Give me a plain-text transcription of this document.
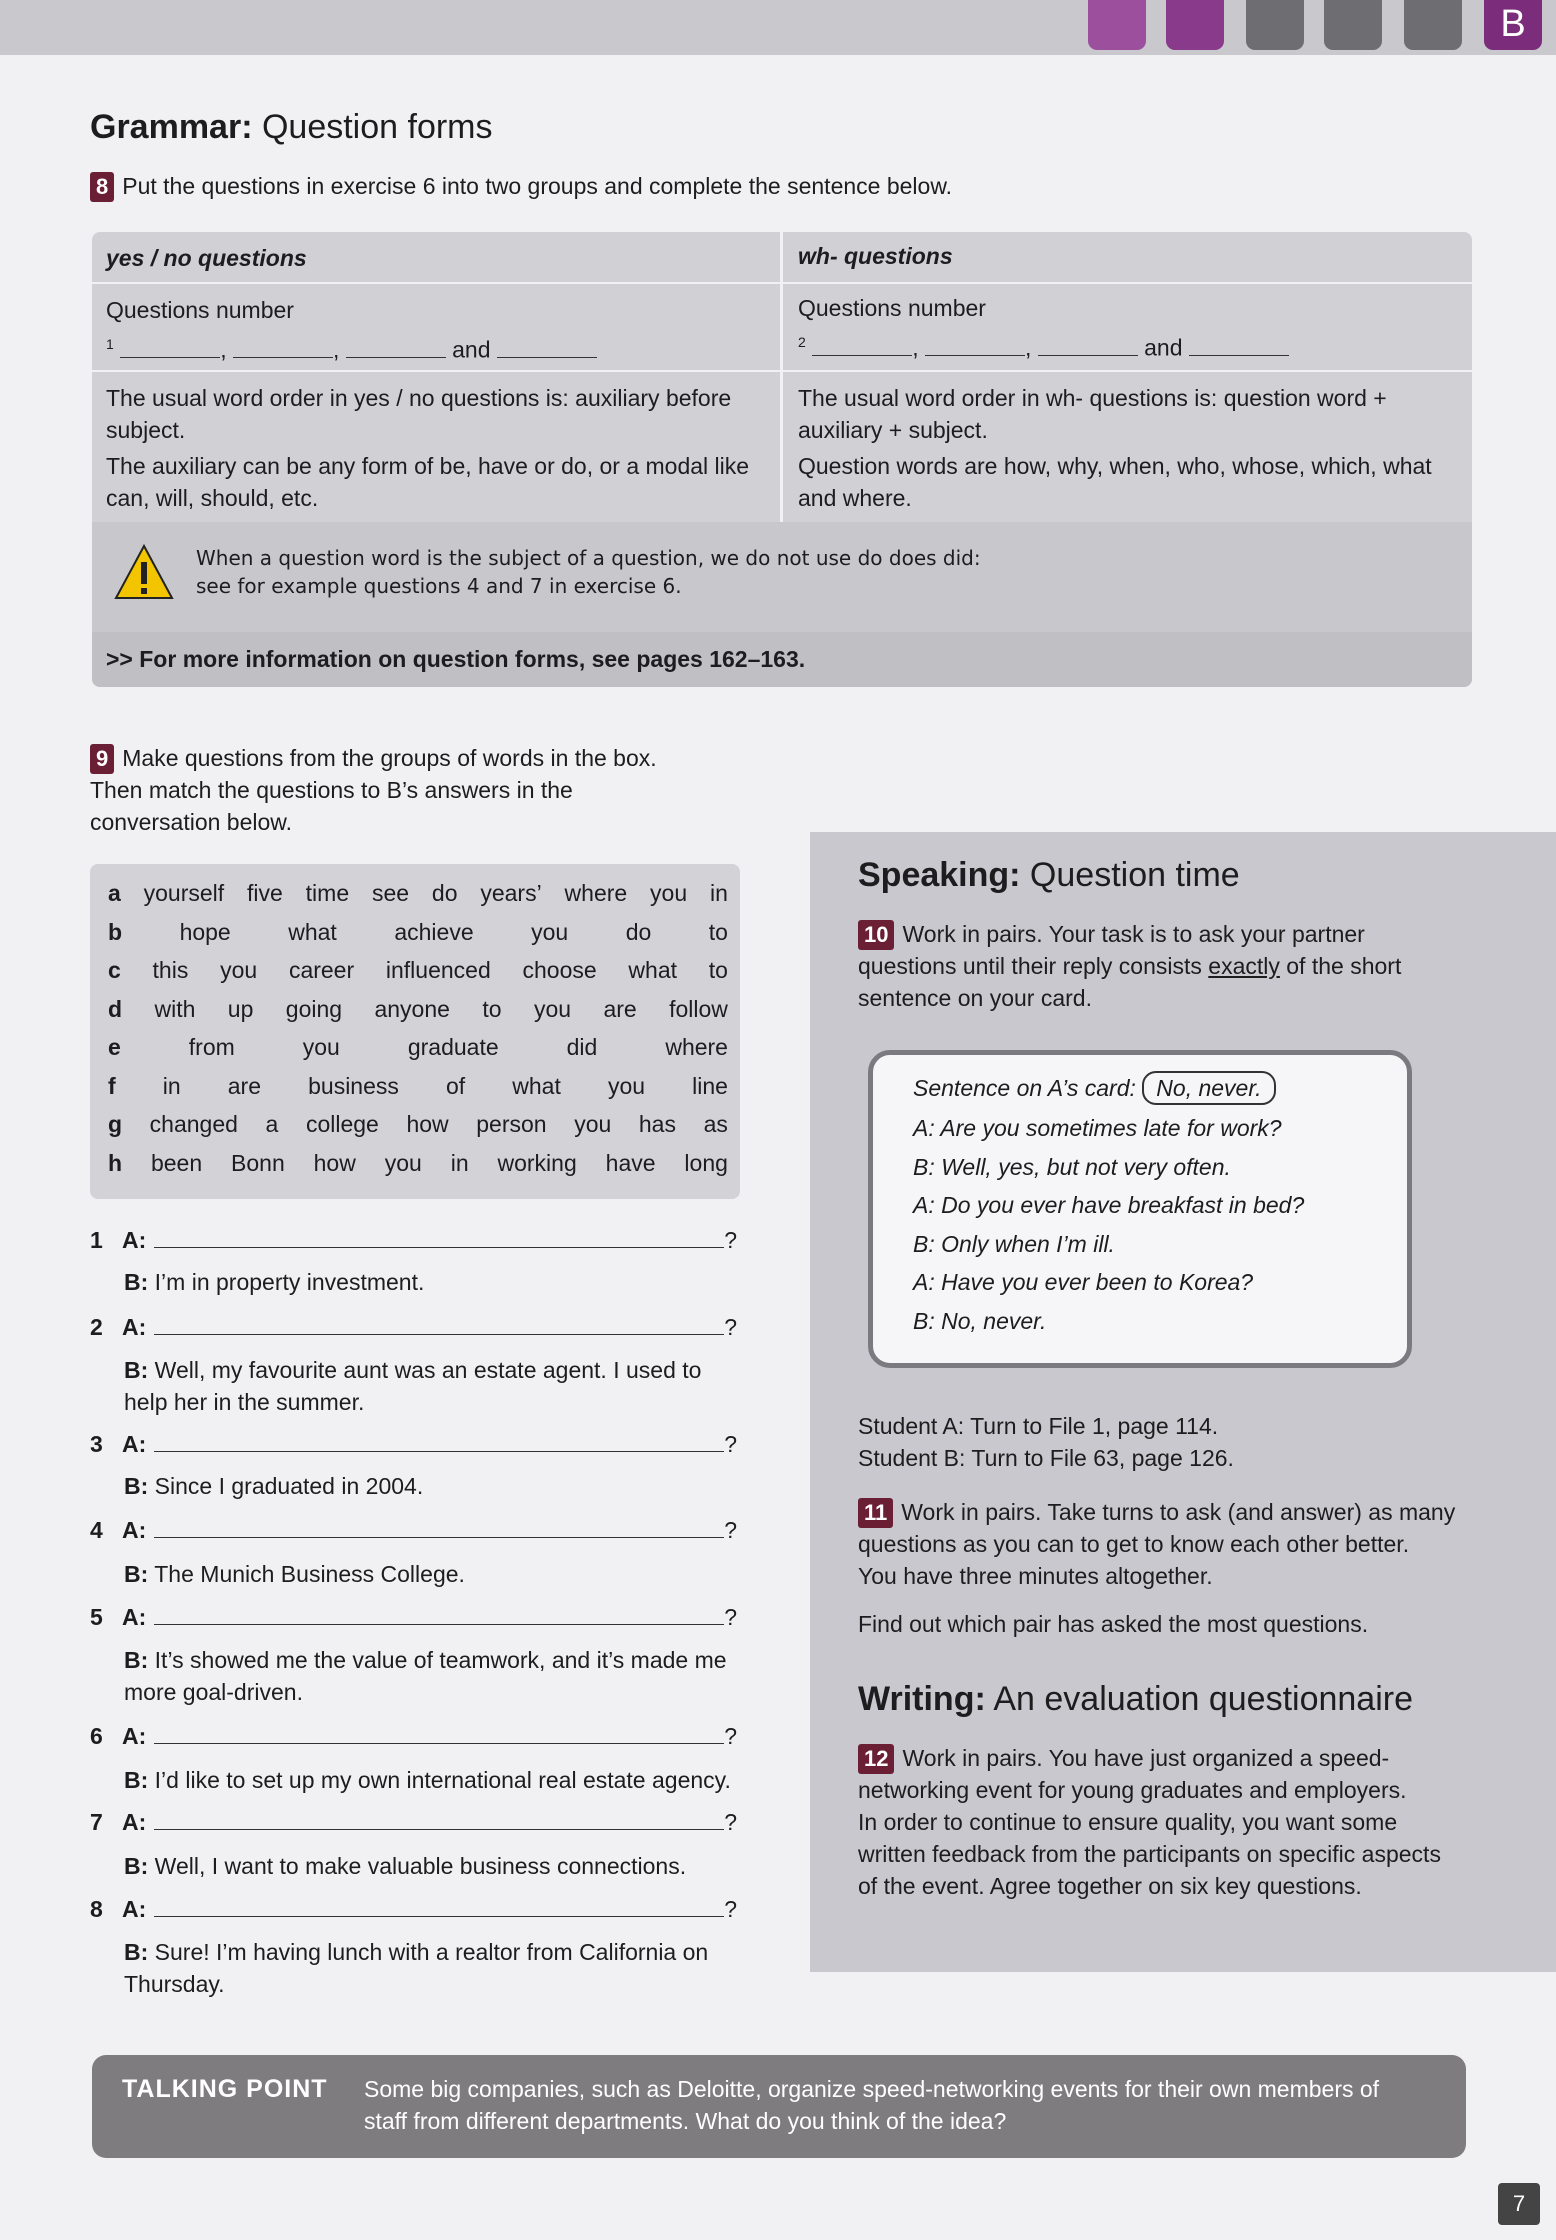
B
Grammar: Question forms
8 Put the questions in exercise 6 into two groups and complete the sentence below.
yes / no questions	wh- questions
Questions number
$^1$	,	,	and
Questions number
$^2$	,	,	and
The usual word order in yes / no questions is: auxiliary before subject.
The auxiliary can be any form of be, have or do, or a modal like can, will, should, etc.
The usual word order in wh- questions is: question word + auxiliary + subject.
Question words are how, why, when, who, whose, which, what and where.
When a question word is the subject of a question, we do not use do does did:
see for example questions 4 and 7 in exercise 6.
>> For more information on question forms, see pages 162–163.
9 Make questions from the groups of words in the box.
Then match the questions to B’s answers in the
conversation below.
a yourself five time see do years’ where you in
b	hope	what	achieve	you	do	to
c this you career influenced choose what to
d with up going anyone to you are follow
e	from	you	graduate	did	where
f in are business of what you line
g changed a college how person you has as
h been Bonn how you in working have long
1 A:	?
B: I’m in property investment.
2 A:	?
B: Well, my favourite aunt was an estate agent. I used to help her in the summer.
3 A:	?
B: Since I graduated in 2004.
4 A:	?
B: The Munich Business College.
5 A:	?
B: It’s showed me the value of teamwork, and it’s made me more goal-driven.
6 A:	?
B: I’d like to set up my own international real estate agency.
7 A:	?
B: Well, I want to make valuable business connections.
8 A:	?
B: Sure! I’m having lunch with a realtor from California on Thursday.
Speaking: Question time
10 Work in pairs. Your task is to ask your partner
questions until their reply consists exactly of the short
sentence on your card.
Sentence on A’s card: No, never.
A: Are you sometimes late for work?
B: Well, yes, but not very often.
A: Do you ever have breakfast in bed?
B: Only when I’m ill.
A: Have you ever been to Korea?
B: No, never.
Student A: Turn to File 1, page 114.
Student B: Turn to File 63, page 126.
11 Work in pairs. Take turns to ask (and answer) as many
questions as you can to get to know each other better.
You have three minutes altogether.
Find out which pair has asked the most questions.
Writing: An evaluation questionnaire
12 Work in pairs. You have just organized a speed-
networking event for young graduates and employers.
In order to continue to ensure quality, you want some
written feedback from the participants on specific aspects
of the event. Agree together on six key questions.
TALKING POINT Some big companies, such as Deloitte, organize speed-networking events for their own members of
staff from different departments. What do you think of the idea?
7
